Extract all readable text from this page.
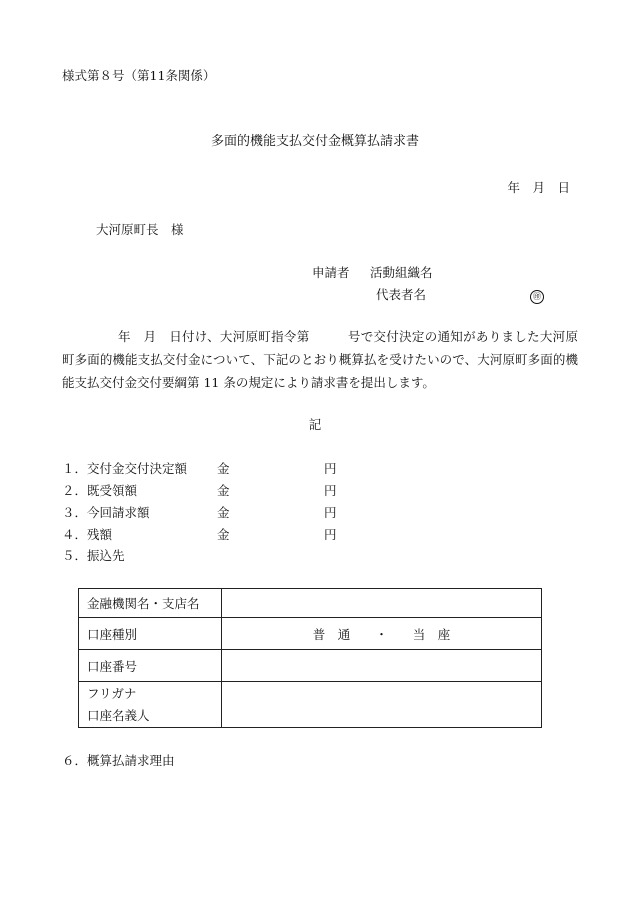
様式第８号（第11条関係）
多面的機能支払交付金概算払請求書
年　月　日
大河原町長　様
申請者 活動組織名
代表者名	㊞
年　月　日付け、大河原町指令第　　　号で交付決定の通知がありました大河原町多面的機能支払交付金について、下記のとおり概算払を受けたいので、大河原町多面的機能支払交付金交付要綱第 11 条の規定により請求書を提出します。
記
１．交付金交付決定額 金	円
２．既受領額	金	円
３．今回請求額	金	円
４．残額	金	円
５．振込先
金融機関名・支店名	
口座種別	普　通　　・　　当　座
口座番号	

フリガナ
口座名義人	

６．概算払請求理由
